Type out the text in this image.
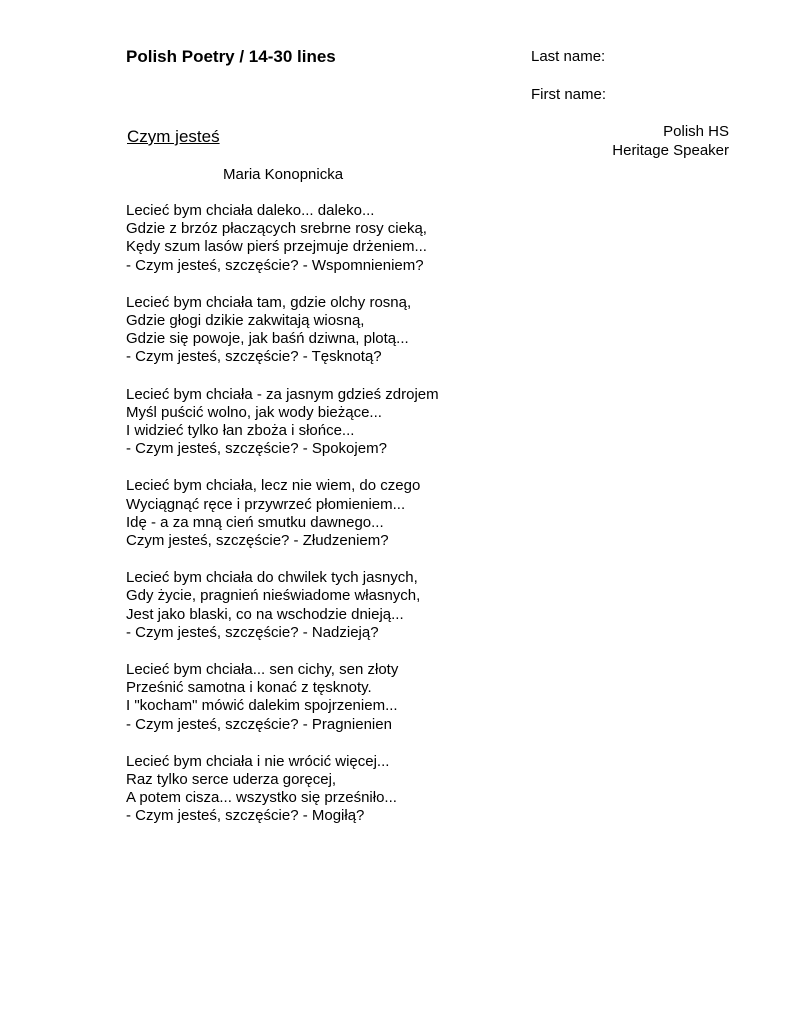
Polish Poetry / 14-30 lines	Last name:
First name:
Polish HS
Heritage Speaker
Czym jesteś
Maria Konopnicka
Lecieć bym chciała daleko... daleko...
Gdzie z brzóz płaczących srebrne rosy cieką,
Kędy szum lasów pierś przejmuje drżeniem...
- Czym jesteś, szczęście? - Wspomnieniem?
Lecieć bym chciała tam, gdzie olchy rosną,
Gdzie głogi dzikie zakwitają wiosną,
Gdzie się powoje, jak baśń dziwna, plotą...
- Czym jesteś, szczęście? - Tęsknotą?
Lecieć bym chciała - za jasnym gdzieś zdrojem
Myśl puścić wolno, jak wody bieżące...
I widzieć tylko łan zboża i słońce...
- Czym jesteś, szczęście? - Spokojem?
Lecieć bym chciała, lecz nie wiem, do czego
Wyciągnąć ręce i przywrzeć płomieniem...
Idę - a za mną cień smutku dawnego...
Czym jesteś, szczęście? - Złudzeniem?
Lecieć bym chciała do chwilek tych jasnych,
Gdy życie, pragnień nieświadome własnych,
Jest jako blaski, co na wschodzie dnieją...
- Czym jesteś, szczęście? - Nadzieją?
Lecieć bym chciała... sen cichy, sen złoty
Prześnić samotna i konać z tęsknoty.
I "kocham" mówić dalekim spojrzeniem...
- Czym jesteś, szczęście? - Pragnienien
Lecieć bym chciała i nie wrócić więcej...
Raz tylko serce uderza goręcej,
A potem cisza... wszystko się prześniło...
- Czym jesteś, szczęście? - Mogiłą?
